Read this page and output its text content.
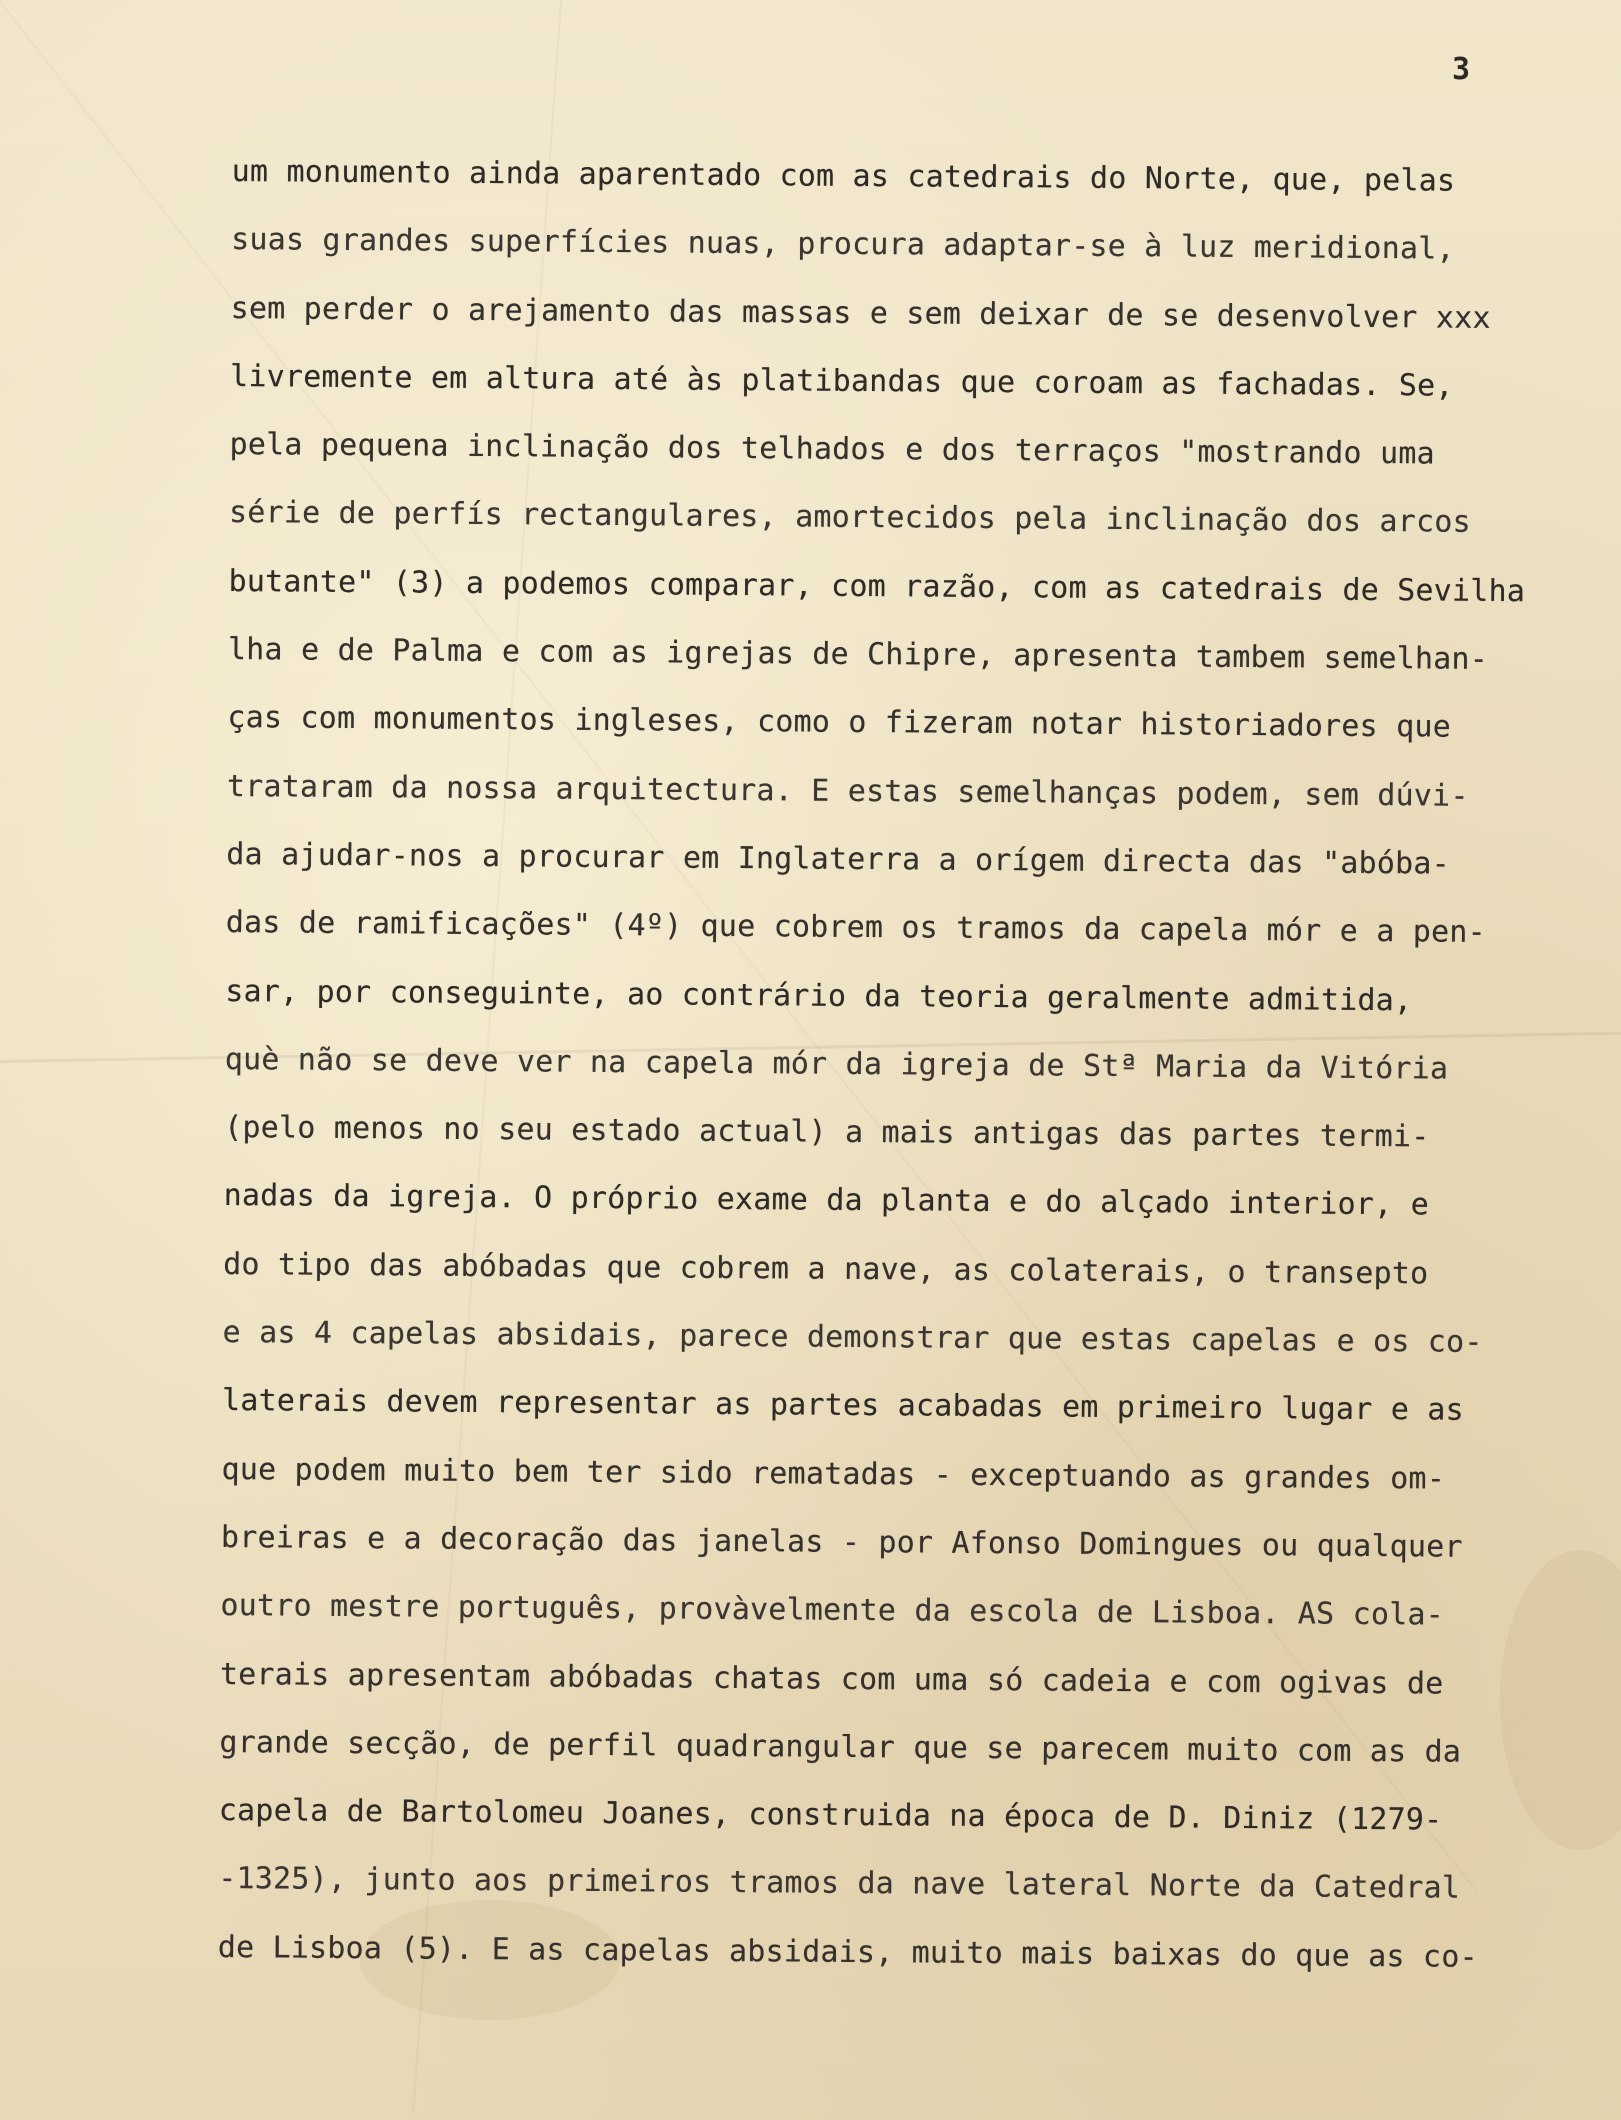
3
um monumento ainda aparentado com as catedrais do Norte, que, pelas
suas grandes superfícies nuas, procura adaptar-se à luz meridional,
sem perder o arejamento das massas e sem deixar de se desenvolver xxx
livremente em altura até às platibandas que coroam as fachadas. Se,
pela pequena inclinação dos telhados e dos terraços "mostrando uma
série de perfís rectangulares, amortecidos pela inclinação dos arcos
butante" (3) a podemos comparar, com razão, com as catedrais de Sevilha
lha e de Palma e com as igrejas de Chipre, apresenta tambem semelhan-
ças com monumentos ingleses, como o fizeram notar historiadores que
trataram da nossa arquitectura. E estas semelhanças podem, sem dúvi-
da ajudar-nos a procurar em Inglaterra a orígem directa das "abóba-
das de ramificações" (4º) que cobrem os tramos da capela mór e a pen-
sar, por conseguinte, ao contrário da teoria geralmente admitida,
què não se deve ver na capela mór da igreja de Stª Maria da Vitória
(pelo menos no seu estado actual) a mais antigas das partes termi-
nadas da igreja. O próprio exame da planta e do alçado interior, e
do tipo das abóbadas que cobrem a nave, as colaterais, o transepto
e as 4 capelas absidais, parece demonstrar que estas capelas e os co-
laterais devem representar as partes acabadas em primeiro lugar e as
que podem muito bem ter sido rematadas - exceptuando as grandes om-
breiras e a decoração das janelas - por Afonso Domingues ou qualquer
outro mestre português, provàvelmente da escola de Lisboa. AS cola-
terais apresentam abóbadas chatas com uma só cadeia e com ogivas de
grande secção, de perfil quadrangular que se parecem muito com as da
capela de Bartolomeu Joanes, construida na época de D. Diniz (1279-
-1325), junto aos primeiros tramos da nave lateral Norte da Catedral
de Lisboa (5). E as capelas absidais, muito mais baixas do que as co-
